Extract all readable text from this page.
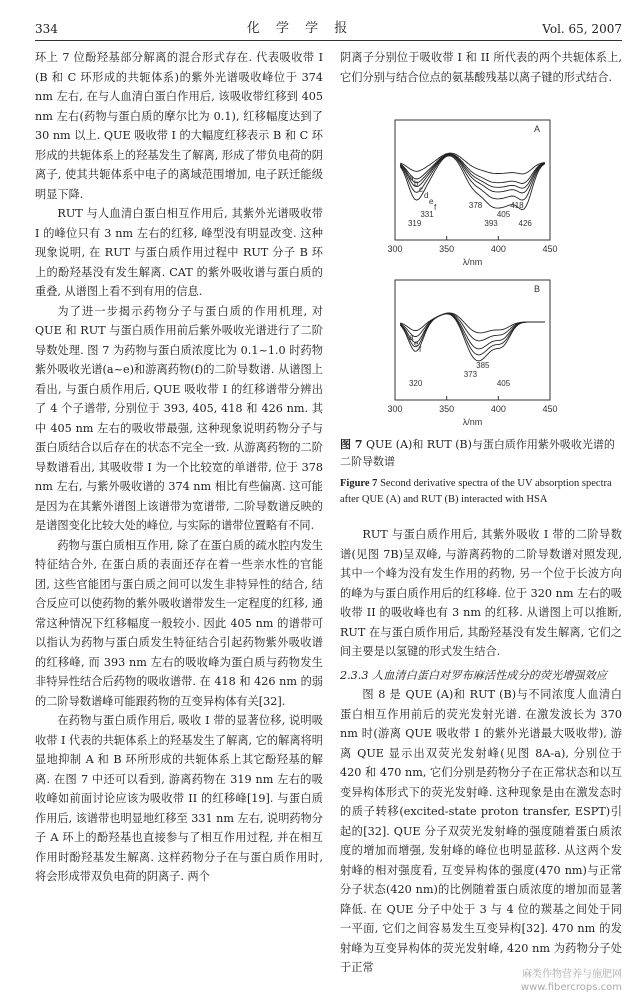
334	化 学 学 报	Vol. 65, 2007

环上 7 位酚羟基部分解离的混合形式存在. 代表吸收带 I (B 和 C 环形成的共轭体系)的紫外光谱吸收峰位于 374 nm 左右, 在与人血清白蛋白作用后, 该吸收带红移到 405 nm 左右(药物与蛋白质的摩尔比为 0.1), 红移幅度达到了 30 nm 以上. QUE 吸收带 I 的大幅度红移表示 B 和 C 环形成的共轭体系上的羟基发生了解离, 形成了带负电荷的阴离子, 使其共轭体系中电子的离域范围增加, 电子跃迁能级明显下降.

RUT 与人血清白蛋白相互作用后, 其紫外光谱吸收带 I 的峰位只有 3 nm 左右的红移, 峰型没有明显改变. 这种现象说明, 在 RUT 与蛋白质作用过程中 RUT 分子 B 环上的酚羟基没有发生解离. CAT 的紫外吸收谱与蛋白质的重叠, 从谱图上看不到有用的信息.

为了进一步揭示药物分子与蛋白质的作用机理, 对 QUE 和 RUT 与蛋白质作用前后紫外吸收光谱进行了二阶导数处理. 图 7 为药物与蛋白质浓度比为 0.1~1.0 时药物紫外吸收光谱(a~e)和游离药物(f)的二阶导数谱. 从谱图上看出, 与蛋白质作用后, QUE 吸收带 I 的红移谱带分辨出了 4 个子谱带, 分别位于 393, 405, 418 和 426 nm. 其中 405 nm 左右的吸收带最强, 这种现象说明药物分子与蛋白质结合以后存在的状态不完全一致. 从游离药物的二阶导数谱看出, 其吸收带 I 为一个比较宽的单谱带, 位于 378 nm 左右, 与紫外吸收谱的 374 nm 相比有些偏离. 这可能是因为在其紫外谱图上该谱带为宽谱带, 二阶导数谱反映的是谱图变化比较大处的峰位, 与实际的谱带位置略有不同.

药物与蛋白质相互作用, 除了在蛋白质的疏水腔内发生特征结合外, 在蛋白质的表面还存在着一些亲水性的官能团, 这些官能团与蛋白质之间可以发生非特异性的结合, 结合反应可以使药物的紫外吸收谱带发生一定程度的红移, 通常这种情况下红移幅度一般较小. 因此 405 nm 的谱带可以指认为药物与蛋白质发生特征结合引起药物紫外吸收谱的红移峰, 而 393 nm 左右的吸收峰为蛋白质与药物发生非特异性结合后药物的吸收谱带. 在 418 和 426 nm 的弱的二阶导数谱峰可能跟药物的互变异构体有关[32].

在药物与蛋白质作用后, 吸收 I 带的显著位移, 说明吸收带 I 代表的共轭体系上的羟基发生了解离, 它的解离将明显地抑制 A 和 B 环所形成的共轭体系上其它酚羟基的解离. 在图 7 中还可以看到, 游离药物在 319 nm 左右的吸收峰如前面讨论应该为吸收带 II 的红移峰[19]. 与蛋白质作用后, 该谱带也明显地红移至 331 nm 左右, 说明药物分子 A 环上的酚羟基也直接参与了相互作用过程, 并在相互作用时酚羟基发生解离. 这样药物分子在与蛋白质作用时, 将会形成带双负电荷的阴离子. 两个

阴离子分别位于吸收带 I 和 II 所代表的两个共轭体系上, 它们分别与结合位点的氨基酸残基以离子键的形式结合.

300	350	400	450
λ/nm
A
319
331
378
393
405
418
426
a
b
c
d
e
f
300	350	400	450
λ/nm
B
320
373
385
405
a
e
f
图 7 QUE (A)和 RUT (B)与蛋白质作用紫外吸收光谱的二阶导数谱
Figure 7 Second derivative spectra of the UV absorption spectra after QUE (A) and RUT (B) interacted with HSA

RUT 与蛋白质作用后, 其紫外吸收 I 带的二阶导数谱(见图 7B)呈双峰, 与游离药物的二阶导数谱对照发现, 其中一个峰为没有发生作用的药物, 另一个位于长波方向的峰为与蛋白质作用后的红移峰. 位于 320 nm 左右的吸收带 II 的吸收峰也有 3 nm 的红移. 从谱图上可以推断, RUT 在与蛋白质作用后, 其酚羟基没有发生解离, 它们之间主要是以氢键的形式发生结合.

2.3.3 人血清白蛋白对罗布麻活性成分的荧光增强效应

图 8 是 QUE (A)和 RUT (B)与不同浓度人血清白蛋白相互作用前后的荧光发射光谱. 在激发波长为 370 nm 时(游离 QUE 吸收带 I 的紫外光谱最大吸收带), 游离 QUE 显示出双荧光发射峰(见图 8A-a), 分别位于 420 和 470 nm, 它们分别是药物分子在正常状态和以互变异构体形式下的荧光发射峰. 这种现象是由在激发态时的质子转移(excited-state proton transfer, ESPT)引起的[32]. QUE 分子双荧光发射峰的强度随着蛋白质浓度的增加而增强, 发射峰的峰位也明显蓝移. 从这两个发射峰的相对强度看, 互变异构体的强度(470 nm)与正常分子状态(420 nm)的比例随着蛋白质浓度的增加而显著降低. 在 QUE 分子中处于 3 与 4 位的羰基之间处于同一平面, 它们之间容易发生互变异构[32]. 470 nm 的发射峰为互变异构体的荧光发射峰, 420 nm 为药物分子处于正常

麻类作物营养与施肥网
www.fibercrops.com
